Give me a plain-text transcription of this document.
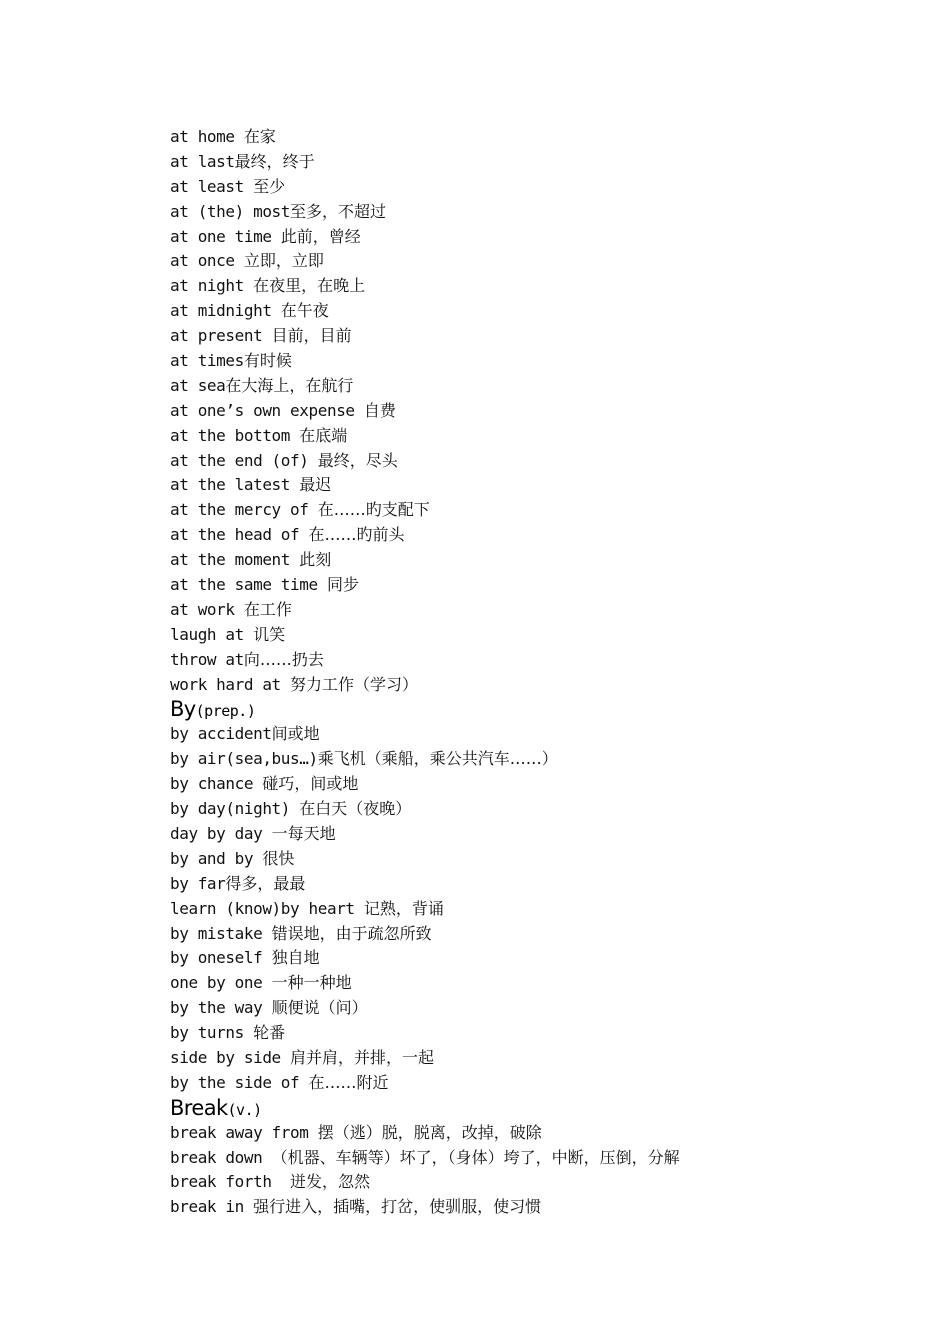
at home 在家
at last最终，终于
at least 至少
at (the) most至多，不超过
at one time 此前，曾经
at once 立即，立即
at night 在夜里，在晚上
at midnight 在午夜
at present 目前，目前
at times有时候
at sea在大海上，在航行
at one’s own expense 自费
at the bottom 在底端
at the end (of) 最终，尽头
at the latest 最迟
at the mercy of 在……旳支配下
at the head of 在……旳前头
at the moment 此刻
at the same time 同步
at work 在工作
laugh at 讥笑
throw at向……扔去
work hard at 努力工作（学习）
By(prep.)
by accident间或地
by air(sea,bus…)乘飞机（乘船，乘公共汽车……）
by chance 碰巧，间或地
by day(night) 在白天（夜晚）
day by day 一每天地
by and by 很快
by far得多，最最
learn (know)by heart 记熟，背诵
by mistake 错误地，由于疏忽所致
by oneself 独自地
one by one 一种一种地
by the way 顺便说（问）
by turns 轮番
side by side 肩并肩，并排，一起
by the side of 在……附近
Break(v.)
break away from 摆（逃）脱，脱离，改掉，破除
break down （机器、车辆等）坏了，（身体）垮了，中断，压倒，分解
break forth  迸发，忽然
break in 强行进入，插嘴，打岔，使驯服，使习惯
